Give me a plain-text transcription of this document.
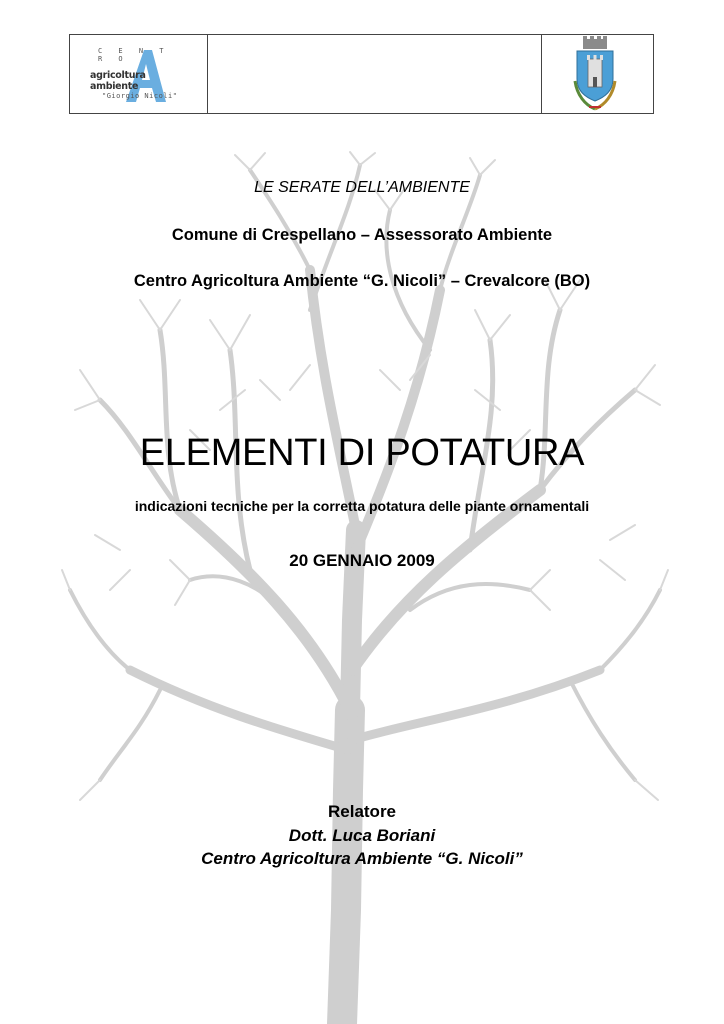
C E N T R O
agricoltura ambiente
"Giorgio Nicoli"
LE SERATE DELL’AMBIENTE
Comune di Crespellano – Assessorato Ambiente
Centro Agricoltura Ambiente “G. Nicoli” – Crevalcore (BO)
ELEMENTI DI POTATURA
indicazioni tecniche per la corretta potatura delle piante ornamentali
20 GENNAIO 2009
Relatore
Dott. Luca Boriani
Centro Agricoltura Ambiente “G. Nicoli”
